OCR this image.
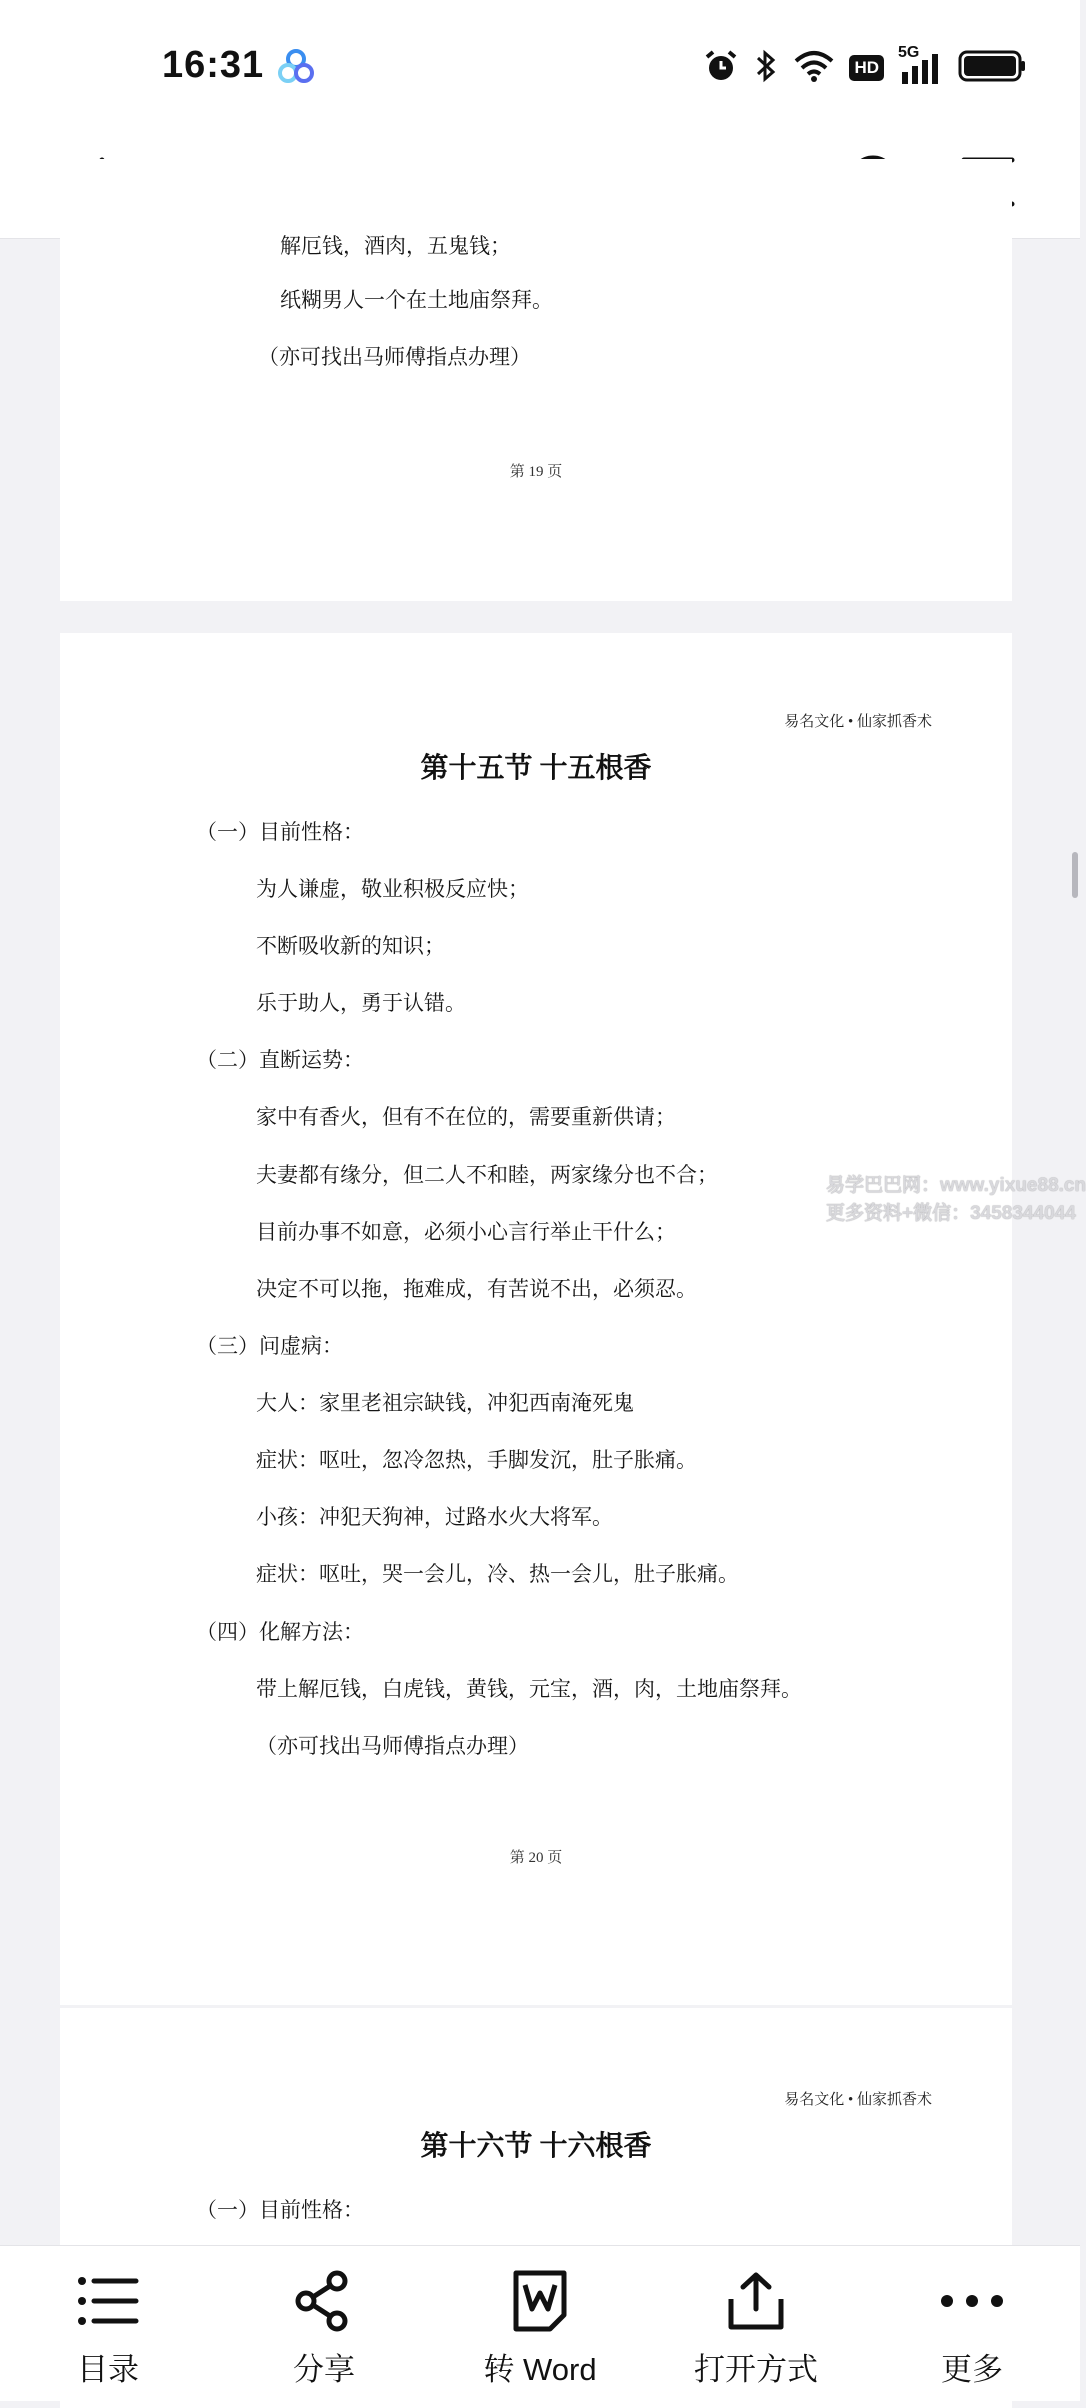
16:31	HD
5G
解厄钱，酒肉，五鬼钱；
纸糊男人一个在土地庙祭拜。
（亦可找出马师傅指点办理）
第 19 页
易名文化 • 仙家抓香术
第十五节 十五根香
（一）目前性格：
为人谦虚，敬业积极反应快；
不断吸收新的知识；
乐于助人，勇于认错。
（二）直断运势：
家中有香火，但有不在位的，需要重新供请；
夫妻都有缘分，但二人不和睦，两家缘分也不合；
目前办事不如意，必须小心言行举止干什么；
决定不可以拖，拖难成，有苦说不出，必须忍。
（三）问虚病：
大人：家里老祖宗缺钱，冲犯西南淹死鬼
症状：呕吐，忽冷忽热，手脚发沉，肚子胀痛。
小孩：冲犯天狗神，过路水火大将军。
症状：呕吐，哭一会儿，冷、热一会儿，肚子胀痛。
（四）化解方法：
带上解厄钱，白虎钱，黄钱，元宝，酒，肉，土地庙祭拜。
（亦可找出马师傅指点办理）
第 20 页
易名文化 • 仙家抓香术
第十六节 十六根香
（一）目前性格：
易学巴巴网：www.yixue88.cn
更多资料+微信：3458344044
目录	分享	转 Word	打开方式	更多
